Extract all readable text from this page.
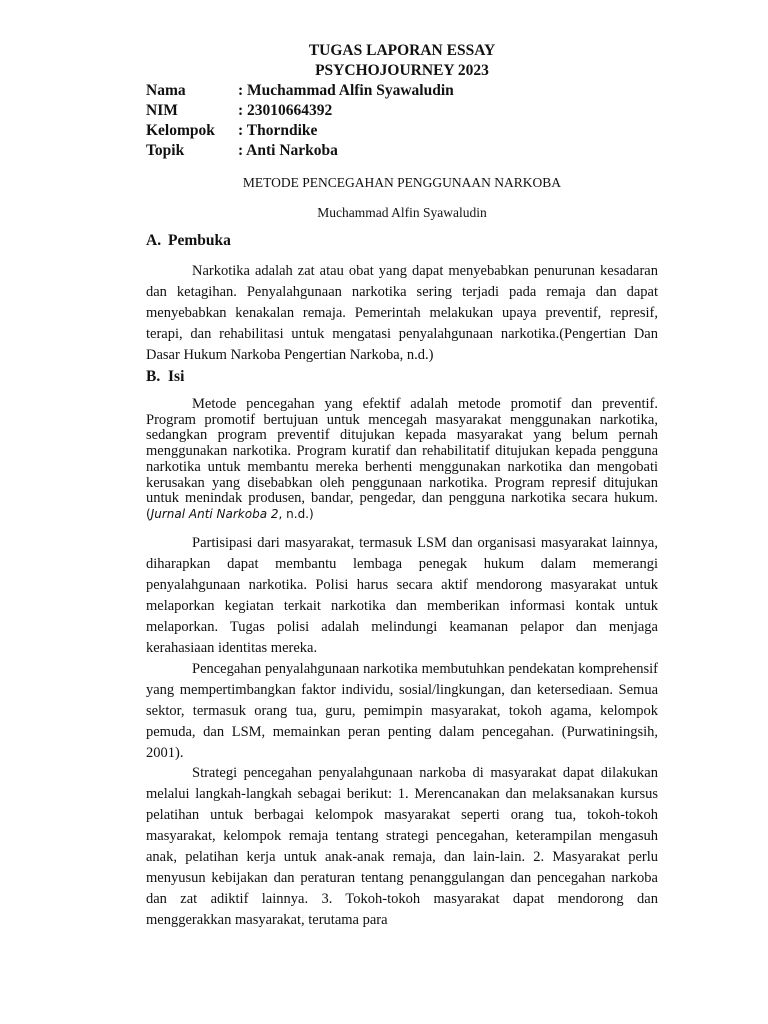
TUGAS LAPORAN ESSAY
PSYCHOJOURNEY 2023
Nama	: Muchammad Alfin Syawaludin
NIM	: 23010664392
Kelompok : Thorndike
Topik	: Anti Narkoba
METODE PENCEGAHAN PENGGUNAAN NARKOBA
Muchammad Alfin Syawaludin
A. Pembuka

Narkotika adalah zat atau obat yang dapat menyebabkan penurunan kesadaran dan ketagihan. Penyalahgunaan narkotika sering terjadi pada remaja dan dapat menyebabkan kenakalan remaja. Pemerintah melakukan upaya preventif, represif, terapi, dan rehabilitasi untuk mengatasi penyalahgunaan narkotika.(Pengertian Dan Dasar Hukum Narkoba Pengertian Narkoba, n.d.)

B. Isi

Metode pencegahan yang efektif adalah metode promotif dan preventif. Program promotif bertujuan untuk mencegah masyarakat menggunakan narkotika, sedangkan program preventif ditujukan kepada masyarakat yang belum pernah menggunakan narkotika. Program kuratif dan rehabilitatif ditujukan kepada pengguna narkotika untuk membantu mereka berhenti menggunakan narkotika dan mengobati kerusakan yang disebabkan oleh penggunaan narkotika. Program represif ditujukan untuk menindak produsen, bandar, pengedar, dan pengguna narkotika secara hukum. (Jurnal Anti Narkoba 2, n.d.)

Partisipasi dari masyarakat, termasuk LSM dan organisasi masyarakat lainnya, diharapkan dapat membantu lembaga penegak hukum dalam memerangi penyalahgunaan narkotika. Polisi harus secara aktif mendorong masyarakat untuk melaporkan kegiatan terkait narkotika dan memberikan informasi kontak untuk melaporkan. Tugas polisi adalah melindungi keamanan pelapor dan menjaga kerahasiaan identitas mereka.

Pencegahan penyalahgunaan narkotika membutuhkan pendekatan komprehensif yang mempertimbangkan faktor individu, sosial/lingkungan, dan ketersediaan. Semua sektor, termasuk orang tua, guru, pemimpin masyarakat, tokoh agama, kelompok pemuda, dan LSM, memainkan peran penting dalam pencegahan. (Purwatiningsih, 2001).

Strategi pencegahan penyalahgunaan narkoba di masyarakat dapat dilakukan melalui langkah-langkah sebagai berikut: 1. Merencanakan dan melaksanakan kursus pelatihan untuk berbagai kelompok masyarakat seperti orang tua, tokoh-tokoh masyarakat, kelompok remaja tentang strategi pencegahan, keterampilan mengasuh anak, pelatihan kerja untuk anak-anak remaja, dan lain-lain. 2. Masyarakat perlu menyusun kebijakan dan peraturan tentang penanggulangan dan pencegahan narkoba dan zat adiktif lainnya. 3. Tokoh-tokoh masyarakat dapat mendorong dan menggerakkan masyarakat, terutama para
